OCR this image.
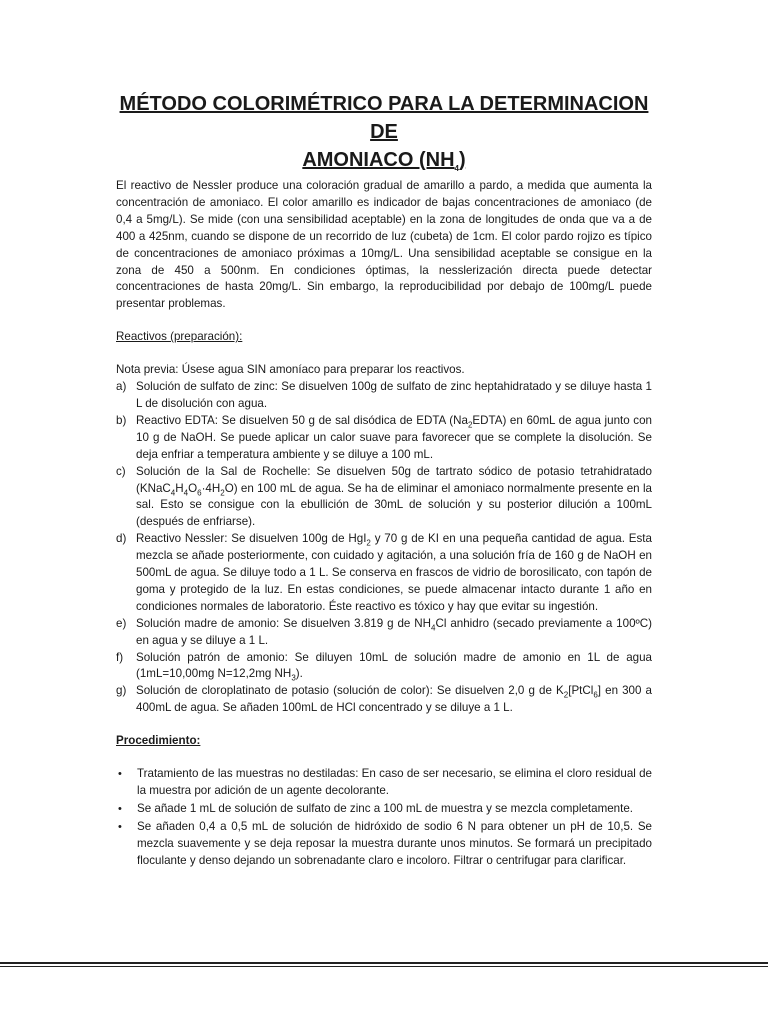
MÉTODO COLORIMÉTRICO PARA LA DETERMINACION DE
AMONIACO $(NH_4)$

El reactivo de Nessler produce una coloración gradual de amarillo a pardo, a medida que aumenta la concentración de amoniaco. El color amarillo es indicador de bajas concentraciones de amoniaco (de 0,4 a 5mg/L). Se mide (con una sensibilidad aceptable) en la zona de longitudes de onda que va a de 400 a 425nm, cuando se dispone de un recorrido de luz (cubeta) de 1cm. El color pardo rojizo es típico de concentraciones de amoniaco próximas a 10mg/L. Una sensibilidad aceptable se consigue en la zona de 450 a 500nm. En condiciones óptimas, la nesslerización directa puede detectar concentraciones de hasta 20mg/L. Sin embargo, la reproducibilidad por debajo de 100mg/L puede presentar problemas.

Reactivos (preparación):
Nota previa: Úsese agua SIN amoníaco para preparar los reactivos.
a) Solución de sulfato de zinc: Se disuelven 100g de sulfato de zinc heptahidratado y se diluye hasta 1 L de disolución con agua.
b) Reactivo EDTA: Se disuelven 50 g de sal disódica de EDTA $(Na_2EDTA)$ en 60mL de agua junto con 10 g de NaOH. Se puede aplicar un calor suave para favorecer que se complete la disolución. Se deja enfriar a temperatura ambiente y se diluye a 100 mL.
c) Solución de la Sal de Rochelle: Se disuelven 50g de tartrato sódico de potasio tetrahidratado $(KNaC_4H_4O_6\cdot 4H_2O)$ en 100 mL de agua. Se ha de eliminar el amoniaco normalmente presente en la sal. Esto se consigue con la ebullición de 30mL de solución y su posterior dilución a 100mL (después de enfriarse).
d) Reactivo Nessler: Se disuelven 100g de HgI$_2$ y 70 g de KI en una pequeña cantidad de agua. Esta mezcla se añade posteriormente, con cuidado y agitación, a una solución fría de 160 g de NaOH en 500mL de agua. Se diluye todo a 1 L. Se conserva en frascos de vidrio de borosilicato, con tapón de goma y protegido de la luz. En estas condiciones, se puede almacenar intacto durante 1 año en condiciones normales de laboratorio. Éste reactivo es tóxico y hay que evitar su ingestión.
e) Solución madre de amonio: Se disuelven 3.819 g de $NH_4Cl$ anhidro (secado previamente a 100ºC) en agua y se diluye a 1 L.
f) Solución patrón de amonio: Se diluyen 10mL de solución madre de amonio en 1L de agua (1mL=10,00mg N=12,2mg $NH_3$).
g) Solución de cloroplatinato de potasio (solución de color): Se disuelven 2,0 g de $K_2[PtCl_6]$ en 300 a 400mL de agua. Se añaden 100mL de HCl concentrado y se diluye a 1 L.
Procedimiento:
• Tratamiento de las muestras no destiladas: En caso de ser necesario, se elimina el cloro residual de la muestra por adición de un agente decolorante.
• Se añade 1 mL de solución de sulfato de zinc a 100 mL de muestra y se mezcla completamente.
• Se añaden 0,4 a 0,5 mL de solución de hidróxido de sodio 6 N para obtener un pH de 10,5. Se mezcla suavemente y se deja reposar la muestra durante unos minutos. Se formará un precipitado floculante y denso dejando un sobrenadante claro e incoloro. Filtrar o centrifugar para clarificar.
